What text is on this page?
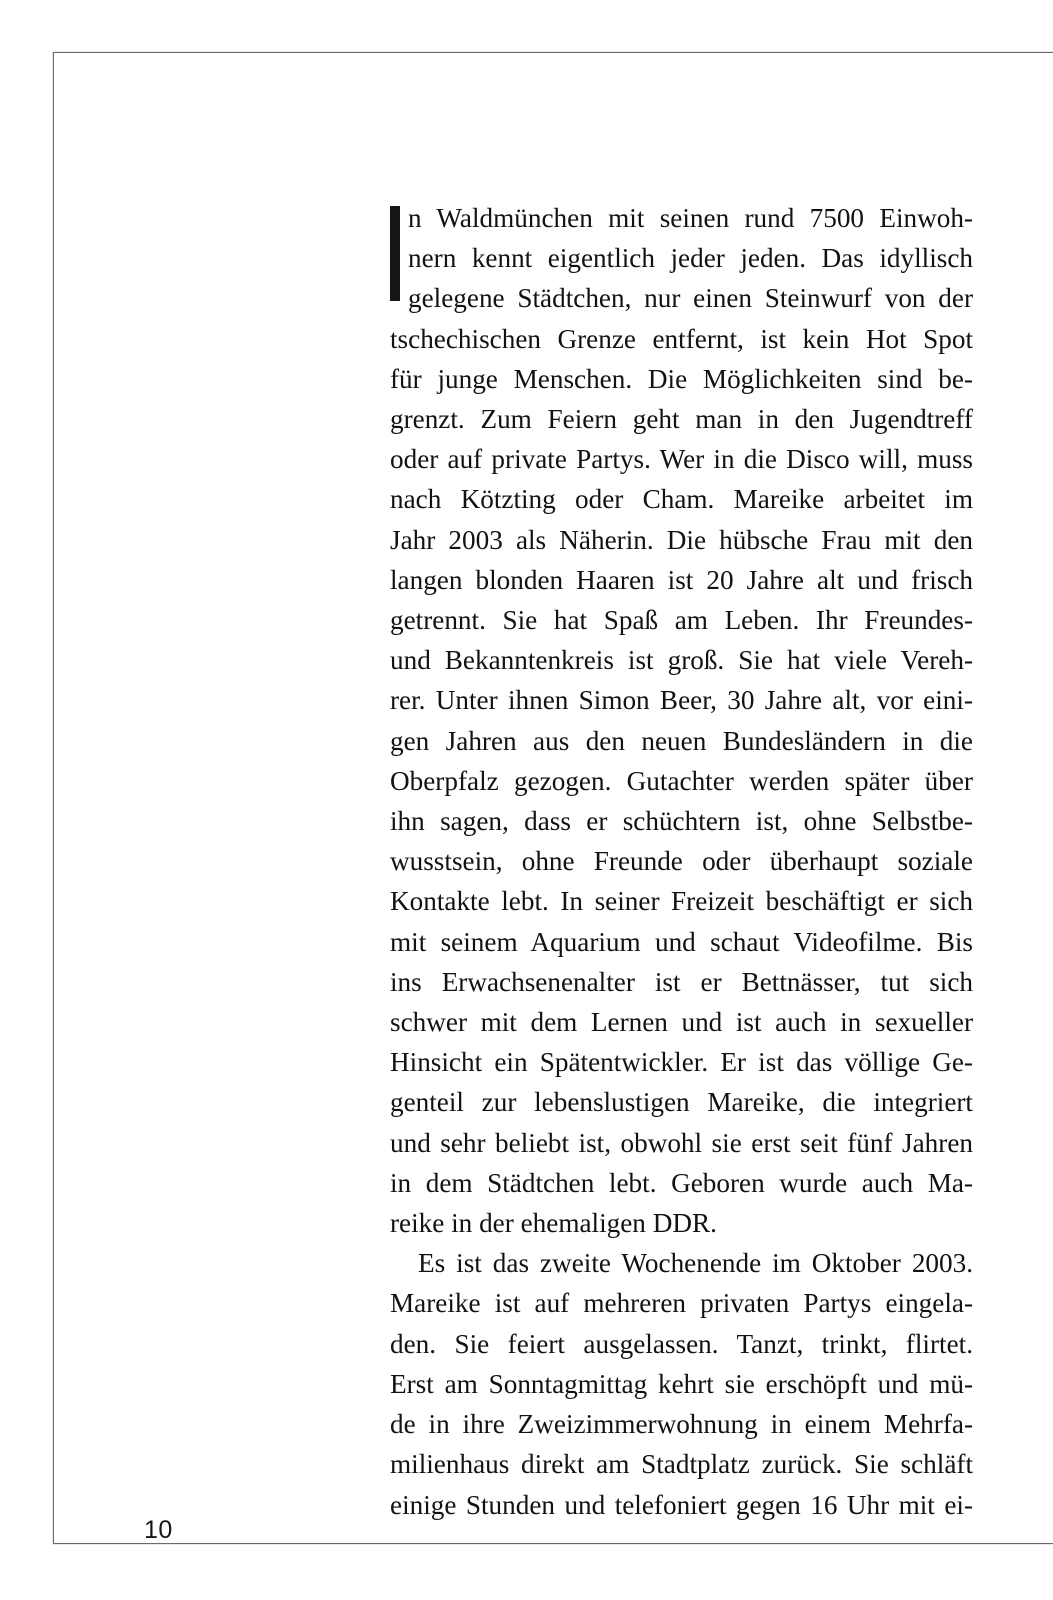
n Waldmünchen mit seinen rund 7500 Einwoh-
nern kennt eigentlich jeder jeden. Das idyllisch
gelegene Städtchen, nur einen Steinwurf von der
tschechischen Grenze entfernt, ist kein Hot Spot
für junge Menschen. Die Möglichkeiten sind be-
grenzt. Zum Feiern geht man in den Jugendtreff
oder auf private Partys. Wer in die Disco will, muss
nach Kötzting oder Cham. Mareike arbeitet im
Jahr 2003 als Näherin. Die hübsche Frau mit den
langen blonden Haaren ist 20 Jahre alt und frisch
getrennt. Sie hat Spaß am Leben. Ihr Freundes-
und Bekanntenkreis ist groß. Sie hat viele Vereh-
rer. Unter ihnen Simon Beer, 30 Jahre alt, vor eini-
gen Jahren aus den neuen Bundesländern in die
Oberpfalz gezogen. Gutachter werden später über
ihn sagen, dass er schüchtern ist, ohne Selbstbe-
wusstsein, ohne Freunde oder überhaupt soziale
Kontakte lebt. In seiner Freizeit beschäftigt er sich
mit seinem Aquarium und schaut Videofilme. Bis
ins Erwachsenenalter ist er Bettnässer, tut sich
schwer mit dem Lernen und ist auch in sexueller
Hinsicht ein Spätentwickler. Er ist das völlige Ge-
genteil zur lebenslustigen Mareike, die integriert
und sehr beliebt ist, obwohl sie erst seit fünf Jahren
in dem Städtchen lebt. Geboren wurde auch Ma-
reike in der ehemaligen DDR.
Es ist das zweite Wochenende im Oktober 2003.
Mareike ist auf mehreren privaten Partys eingela-
den. Sie feiert ausgelassen. Tanzt, trinkt, flirtet.
Erst am Sonntagmittag kehrt sie erschöpft und mü-
de in ihre Zweizimmerwohnung in einem Mehrfa-
milienhaus direkt am Stadtplatz zurück. Sie schläft
einige Stunden und telefoniert gegen 16 Uhr mit ei-
10
